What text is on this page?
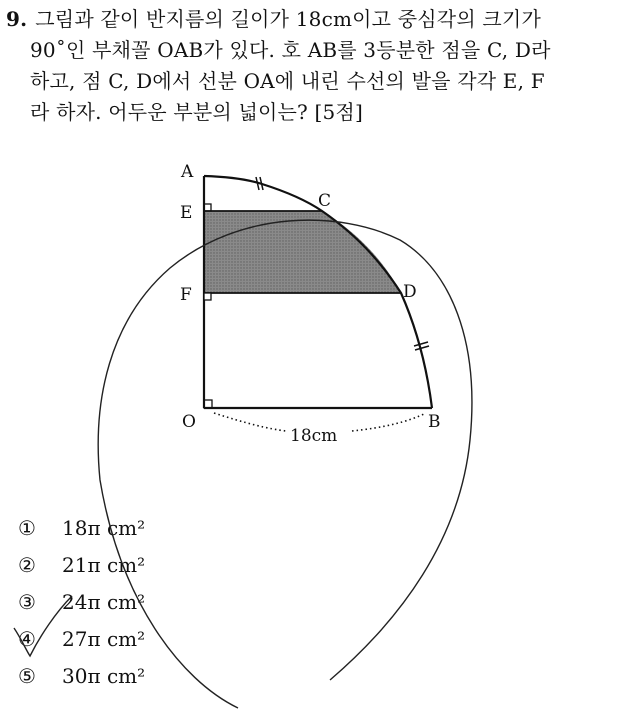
9. 그림과 같이 반지름의 길이가 18cm이고 중심각의 크기가
90˚인 부채꼴 OAB가 있다. 호 AB를 3등분한 점을 C, D라
하고, 점 C, D에서 선분 OA에 내린 수선의 발을 각각 E, F
라 하자. 어두운 부분의 넓이는? [5점]
A
E
F
O
C
D
B
18cm
① 18π cm²
② 21π cm²
③ 24π cm²
④ 27π cm²
⑤ 30π cm²
